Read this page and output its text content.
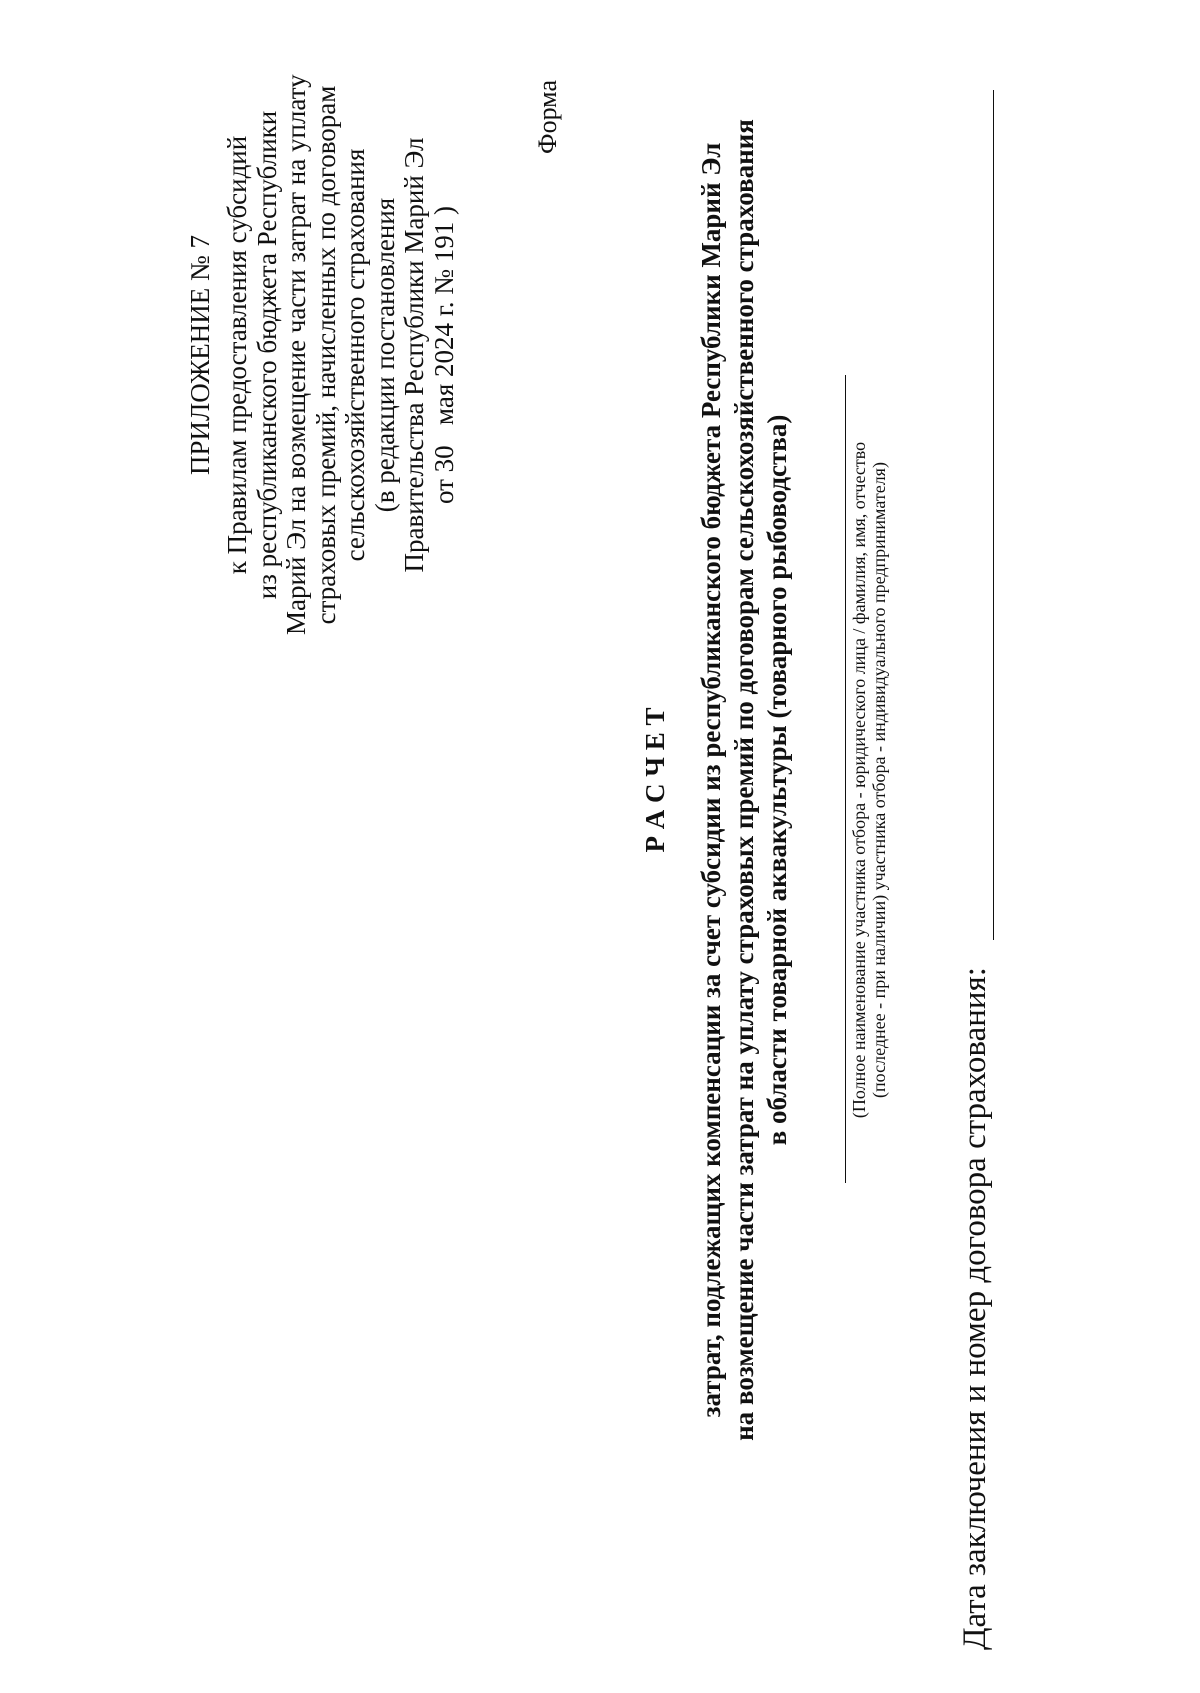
ПРИЛОЖЕНИЕ № 7 к Правилам предоставления субсидий из республиканского бюджета Республики Марий Эл на возмещение части затрат на уплату страховых премий, начисленных по договорам сельскохозяйственного страхования (в редакции постановления Правительства Республики Марий Эл от 30   мая 2024 г. № 191 )
Форма
Р А С Ч Е Т затрат, подлежащих компенсации за счет субсидии из республиканского бюджета Республики Марий Эл на возмещение части затрат на уплату страховых премий по договорам сельскохозяйственного страхования в области товарной аквакультуры (товарного рыбоводства)	(Полное наименование участника отбора - юридического лица / фамилия, имя, отчество (последнее - при наличии) участника отбора - индивидуального предпринимателя)
Дата заключения и номер договора страхования:
